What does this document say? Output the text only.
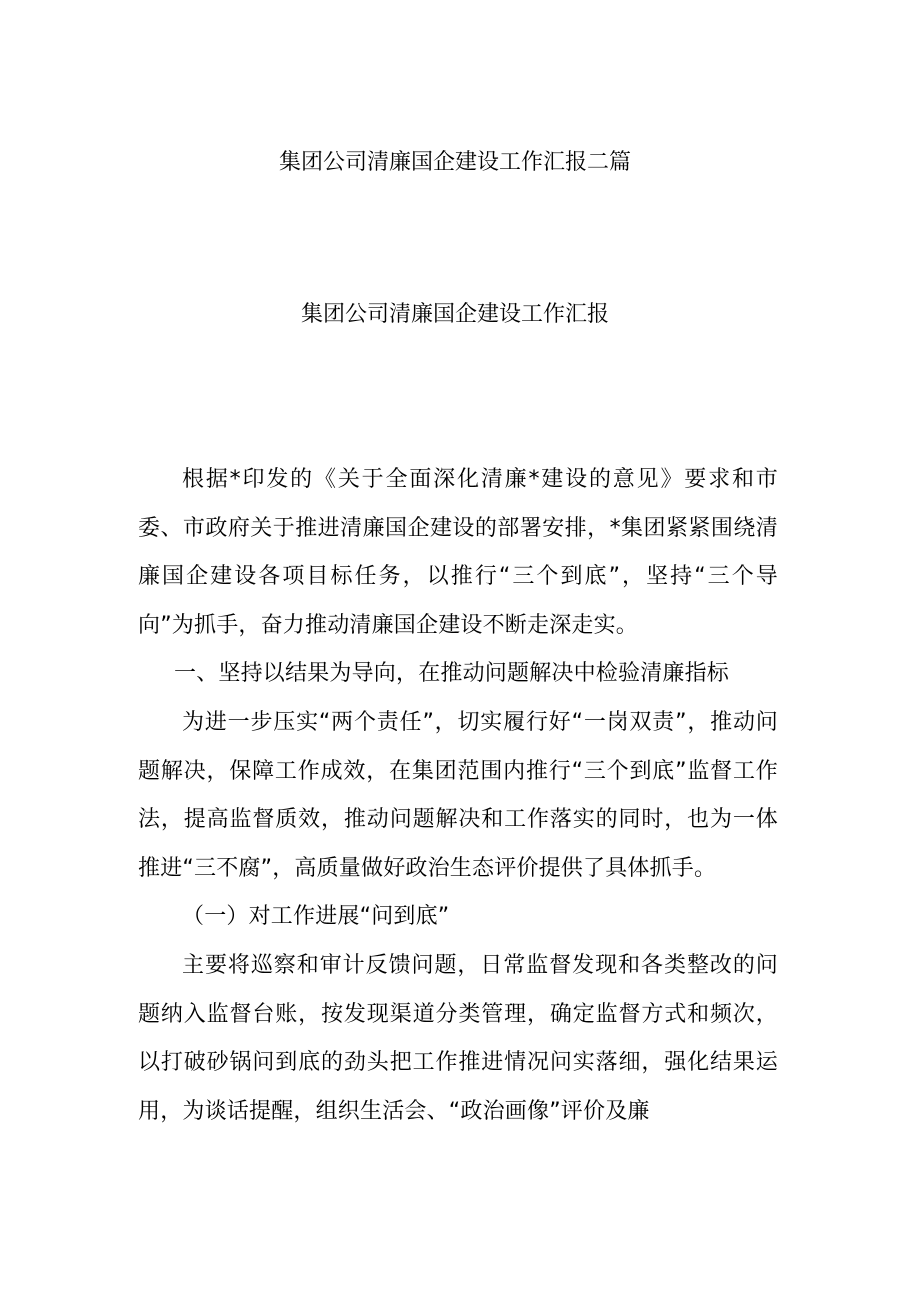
集团公司清廉国企建设工作汇报二篇
集团公司清廉国企建设工作汇报

根据*印发的《关于全面深化清廉*建设的意见》要求和市委、市政府关于推进清廉国企建设的部署安排，*集团紧紧围绕清廉国企建设各项目标任务，以推行“三个到底”，坚持“三个导向”为抓手，奋力推动清廉国企建设不断走深走实。

一、坚持以结果为导向，在推动问题解决中检验清廉指标

为进一步压实“两个责任”，切实履行好“一岗双责”，推动问题解决，保障工作成效，在集团范围内推行“三个到底”监督工作法，提高监督质效，推动问题解决和工作落实的同时，也为一体推进“三不腐”，高质量做好政治生态评价提供了具体抓手。

（一）对工作进展“问到底”

主要将巡察和审计反馈问题，日常监督发现和各类整改的问题纳入监督台账，按发现渠道分类管理，确定监督方式和频次，以打破砂锅问到底的劲头把工作推进情况问实落细，强化结果运用，为谈话提醒，组织生活会、“政治画像”评价及廉
